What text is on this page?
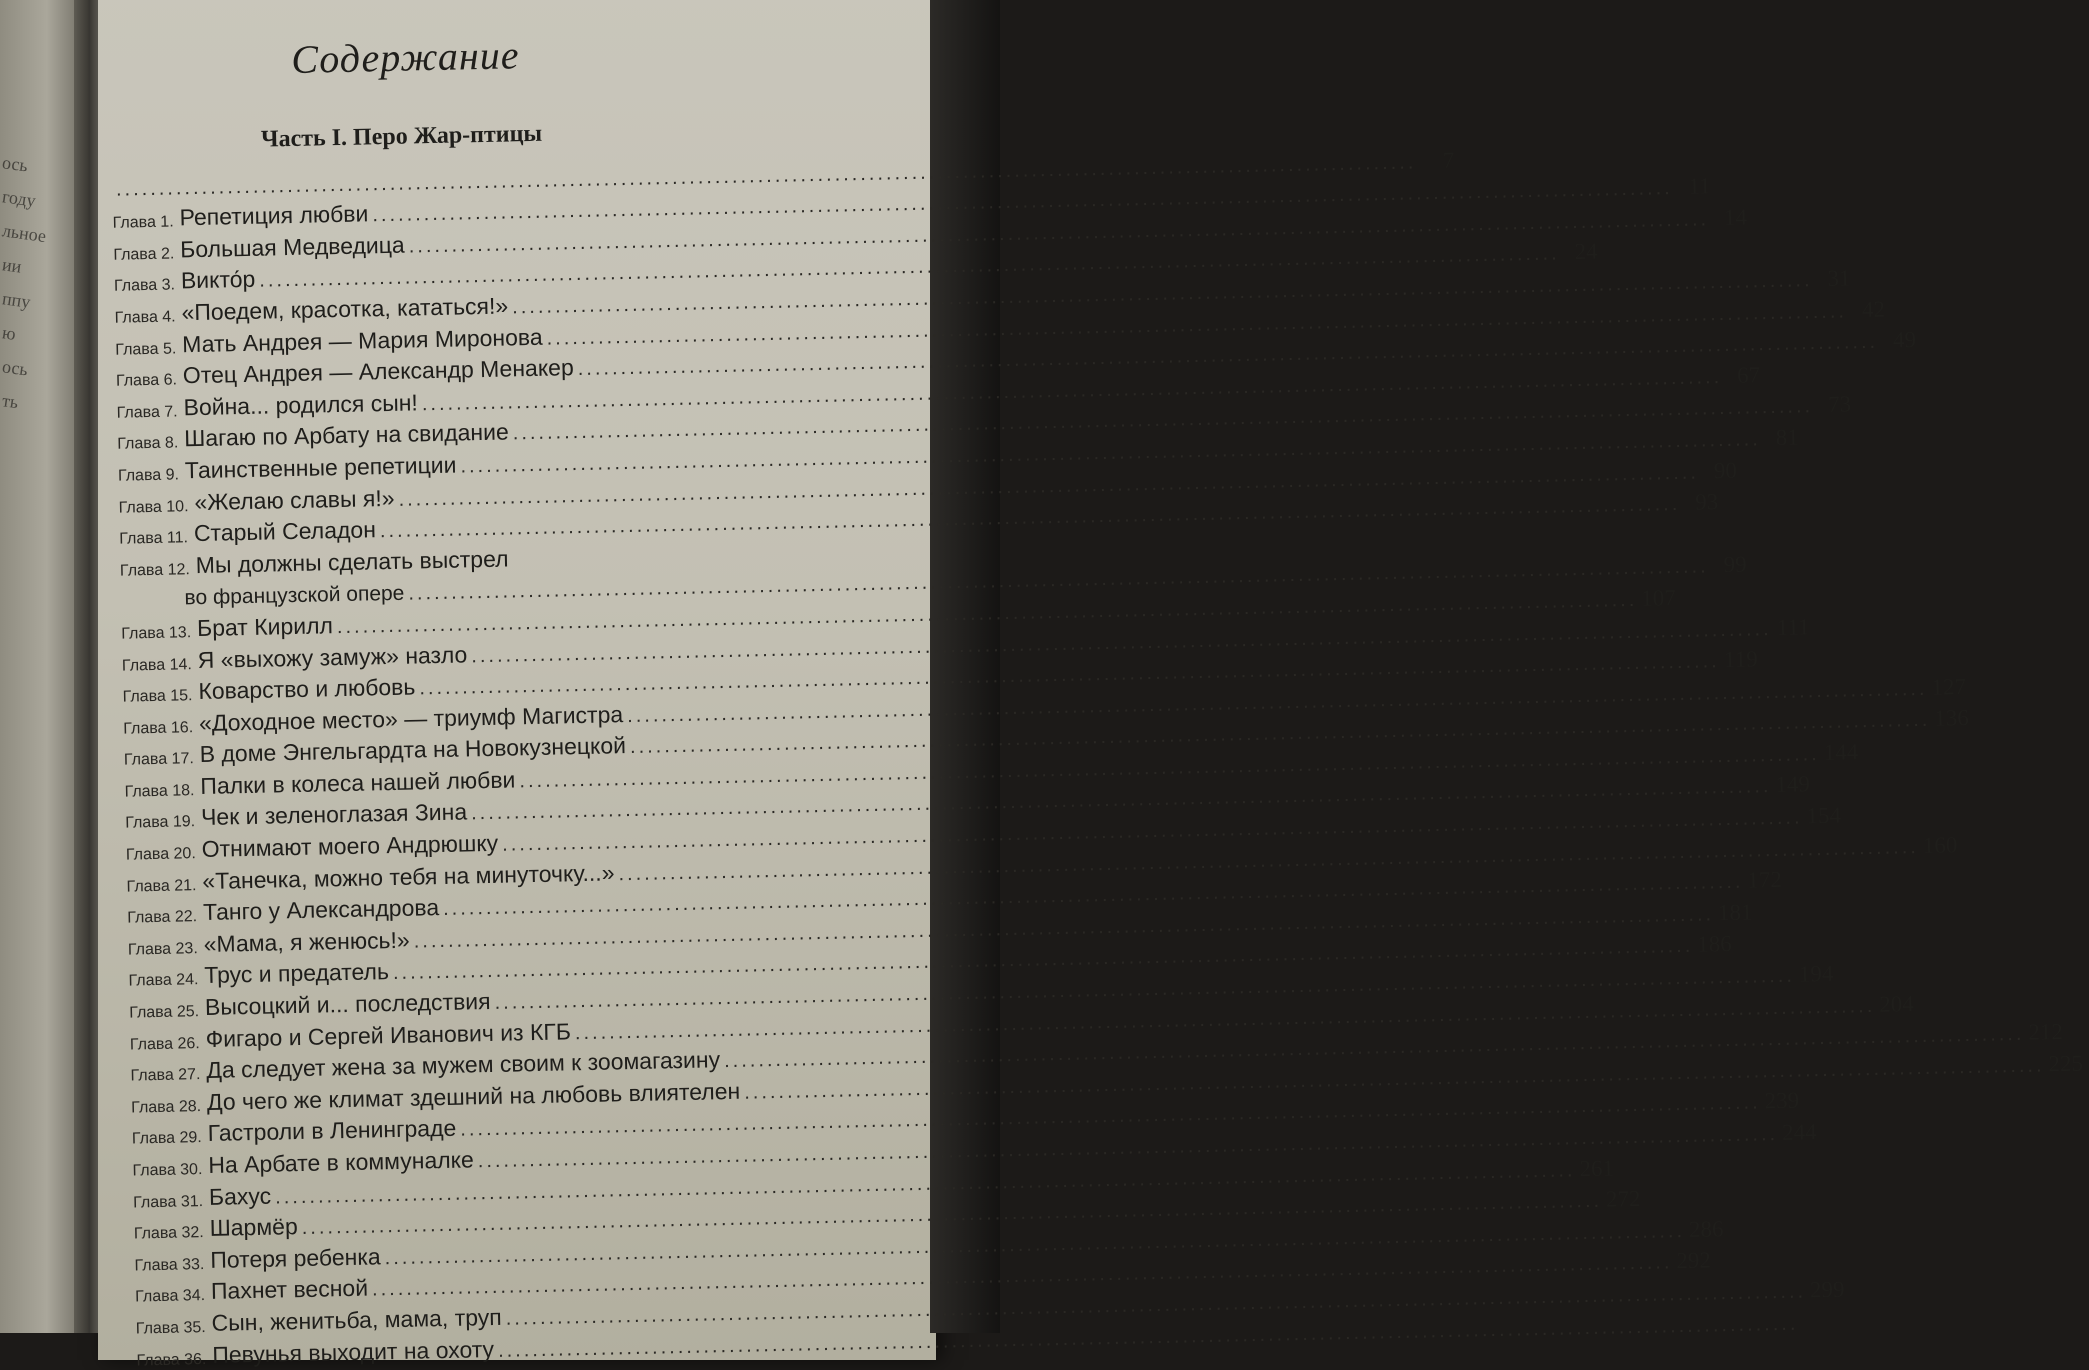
ось
году
льное
ии
ппу
ю
ось
ть
Содержание
Часть I. Перо Жар-птицы
.....
7
Глава 1. Репетиция любви
.....
11
Глава 2. Большая Медведица
.....
14
Глава 3. Викто́р
.....
24
Глава 4. «Поедем, красотка, кататься!»
.....
31
Глава 5. Мать Андрея — Мария Миронова
.....
42
Глава 6. Отец Андрея — Александр Менакер
.....
49
Глава 7. Война... родился сын!
.....
67
Глава 8. Шагаю по Арбату на свидание
.....
73
Глава 9. Таинственные репетиции
.....
81
Глава 10. «Желаю славы я!»
.....
90
Глава 11. Старый Селадон
.....
93
Глава 12. Мы должны сделать выстрел
во французской опере
.....
99
Глава 13. Брат Кирилл
.....
107
Глава 14. Я «выхожу замуж» назло
.....
111
Глава 15. Коварство и любовь
.....
119
Глава 16. «Доходное место» — триумф Магистра
.....
127
Глава 17. В доме Энгельгардта на Новокузнецкой
.....
136
Глава 18. Палки в колеса нашей любви
.....
144
Глава 19. Чек и зеленоглазая Зина
.....
149
Глава 20. Отнимают моего Андрюшку
.....
154
Глава 21. «Танечка, можно тебя на минуточку...»
.....
160
Глава 22. Танго у Александрова
.....
172
Глава 23. «Мама, я женюсь!»
.....
181
Глава 24. Трус и предатель
.....
186
Глава 25. Высоцкий и... последствия
.....
194
Глава 26. Фигаро и Сергей Иванович из КГБ
.....
204
Глава 27. Да следует жена за мужем своим к зоомагазину
.....
212
Глава 28. До чего же климат здешний на любовь влиятелен
.....
225
Глава 29. Гастроли в Ленинграде
.....
239
Глава 30. На Арбате в коммуналке
.....
244
Глава 31. Бахус
.....
261
Глава 32. Шармёр
.....
272
Глава 33. Потеря ребенка
.....
286
Глава 34. Пахнет весной
.....
292
Глава 35. Сын, женитьба, мама, труп
.....
299
Глава 36. Певунья выходит на охоту
.....
